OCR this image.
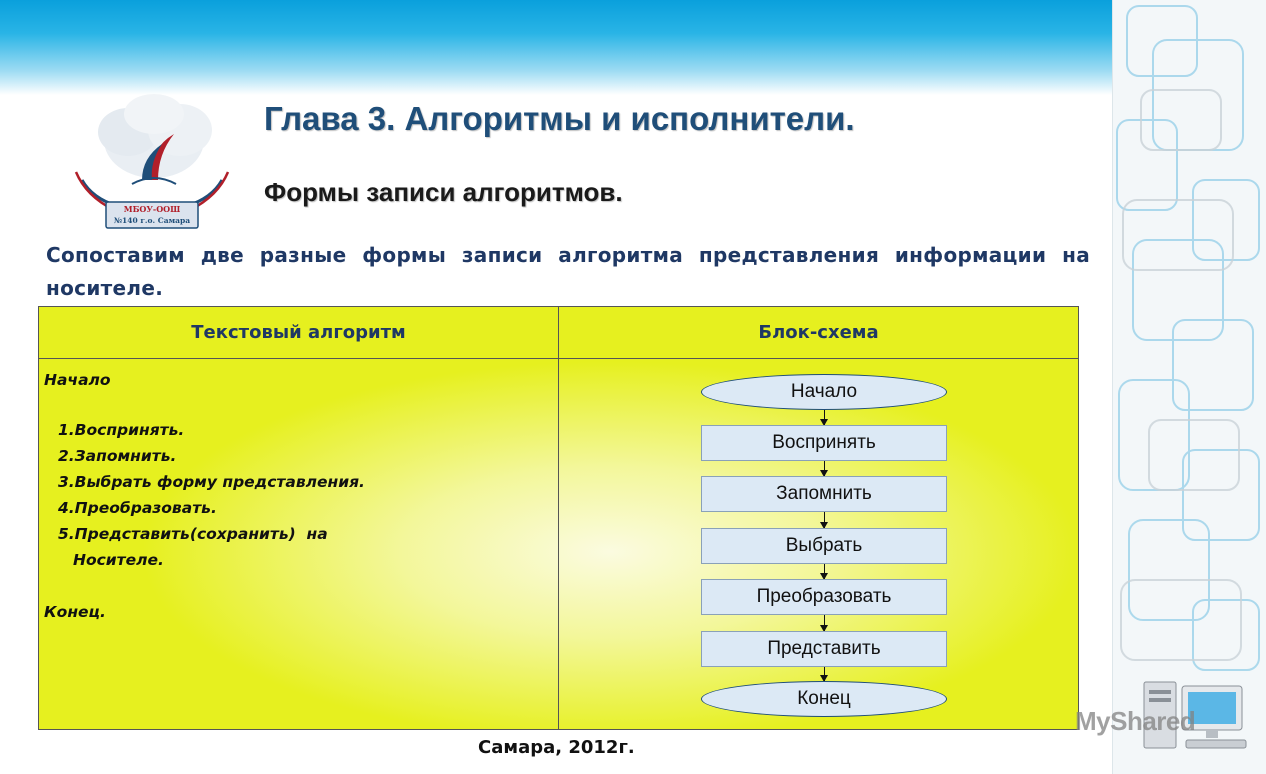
МБОУ-ООШ
№140 г.о. Самара
Глава 3. Алгоритмы и исполнители.
Формы записи алгоритмов.

Сопоставим две разные формы записи алгоритма представления информации на носителе.

Текстовый алгоритм	Блок-схема
Начало
1.Воспринять.
2.Запомнить.
3.Выбрать форму представления.
4.Преобразовать.
5.Представить(сохранить)  на
Носителе.
Конец.
Начало
Воспринять
Запомнить
Выбрать
Преобразовать
Представить
Конец
Самара, 2012г.
MyShared
